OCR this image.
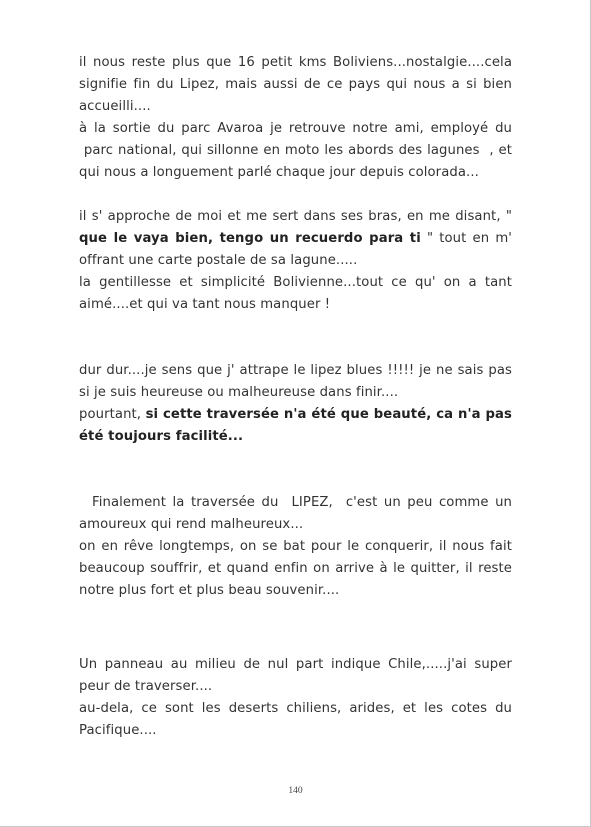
il nous reste plus que 16 petit kms Boliviens...nostalgie....cela
signifie fin du Lipez, mais aussi de ce pays qui nous a si bien
accueilli....
à la sortie du parc Avaroa je retrouve notre ami, employé du
parc national, qui sillonne en moto les abords des lagunes  , et
qui nous a longuement parlé chaque jour depuis colorada...
il s' approche de moi et me sert dans ses bras, en me disant, "
que le vaya bien, tengo un recuerdo para ti " tout en m'
offrant une carte postale de sa lagune.....
la gentillesse et simplicité Bolivienne...tout ce qu' on a tant
aimé....et qui va tant nous manquer !
dur dur....je sens que j' attrape le lipez blues !!!!! je ne sais pas
si je suis heureuse ou malheureuse dans finir....
pourtant, si cette traversée n'a été que beauté, ca n'a pas
été toujours facilité...
Finalement la traversée du  LIPEZ,  c'est un peu comme un
amoureux qui rend malheureux...
on en rêve longtemps, on se bat pour le conquerir, il nous fait
beaucoup souffrir, et quand enfin on arrive à le quitter, il reste
notre plus fort et plus beau souvenir....
Un panneau au milieu de nul part indique Chile,.....j'ai super
peur de traverser....
au-dela, ce sont les deserts chiliens, arides, et les cotes du
Pacifique....
140
